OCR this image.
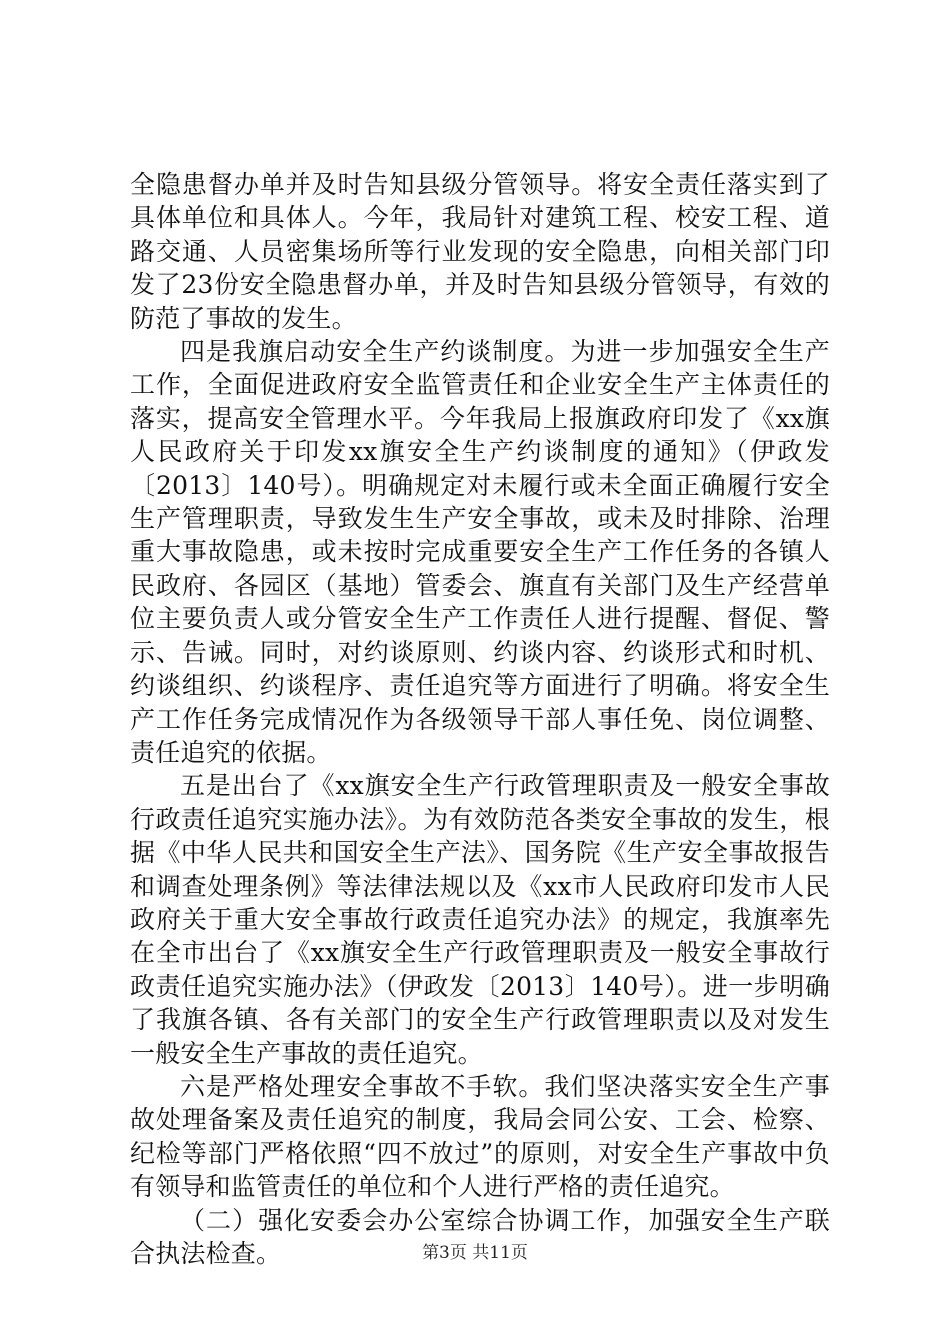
全隐患督办单并及时告知县级分管领导。将安全责任落实到了具体单位和具体人。今年，我局针对建筑工程、校安工程、道路交通、人员密集场所等行业发现的安全隐患，向相关部门印发了23份安全隐患督办单，并及时告知县级分管领导，有效的防范了事故的发生。

四是我旗启动安全生产约谈制度。为进一步加强安全生产工作，全面促进政府安全监管责任和企业安全生产主体责任的落实，提高安全管理水平。今年我局上报旗政府印发了《xx旗人民政府关于印发xx旗安全生产约谈制度的通知》（伊政发〔2013〕140号）。明确规定对未履行或未全面正确履行安全生产管理职责，导致发生生产安全事故，或未及时排除、治理重大事故隐患，或未按时完成重要安全生产工作任务的各镇人民政府、各园区（基地）管委会、旗直有关部门及生产经营单位主要负责人或分管安全生产工作责任人进行提醒、督促、警示、告诫。同时，对约谈原则、约谈内容、约谈形式和时机、约谈组织、约谈程序、责任追究等方面进行了明确。将安全生产工作任务完成情况作为各级领导干部人事任免、岗位调整、责任追究的依据。

五是出台了《xx旗安全生产行政管理职责及一般安全事故行政责任追究实施办法》。为有效防范各类安全事故的发生，根据《中华人民共和国安全生产法》、国务院《生产安全事故报告和调查处理条例》等法律法规以及《xx市人民政府印发市人民政府关于重大安全事故行政责任追究办法》的规定，我旗率先在全市出台了《xx旗安全生产行政管理职责及一般安全事故行政责任追究实施办法》（伊政发〔2013〕140号）。进一步明确了我旗各镇、各有关部门的安全生产行政管理职责以及对发生一般安全生产事故的责任追究。

六是严格处理安全事故不手软。我们坚决落实安全生产事故处理备案及责任追究的制度，我局会同公安、工会、检察、纪检等部门严格依照“四不放过”的原则，对安全生产事故中负有领导和监管责任的单位和个人进行严格的责任追究。

（二）强化安委会办公室综合协调工作，加强安全生产联合执法检查。	第3页 共11页
